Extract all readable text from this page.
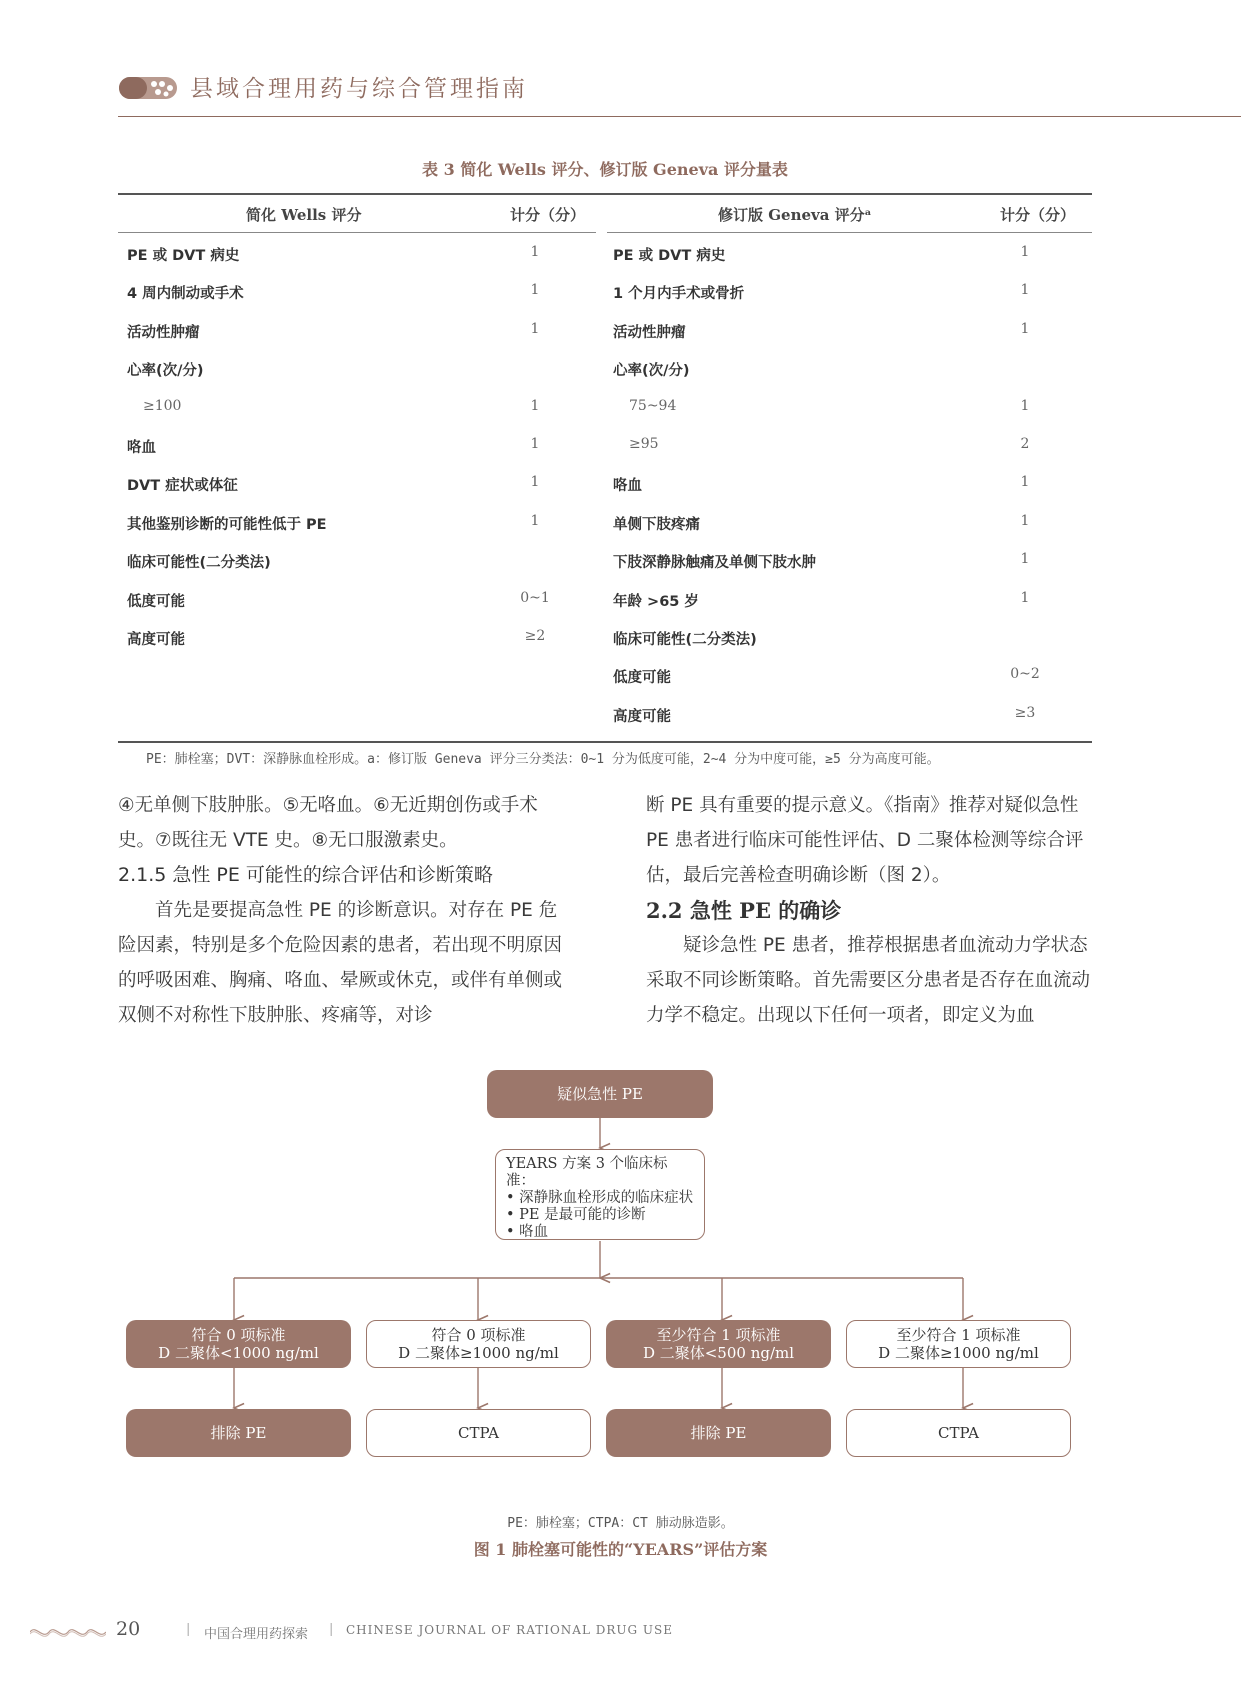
县域合理用药与综合管理指南
表 3 简化 Wells 评分、修订版 Geneva 评分量表
简化 Wells 评分	计分（分）	修订版 Geneva 评分ᵃ	计分（分）
PE 或 DVT 病史	1
4 周内制动或手术	1
活动性肿瘤	1
心率(次/分)
≥100	1
咯血	1
DVT 症状或体征	1
其他鉴别诊断的可能性低于 PE	1
临床可能性(二分类法)
低度可能	0~1
高度可能	≥2
PE 或 DVT 病史	1
1 个月内手术或骨折	1
活动性肿瘤	1
心率(次/分)
75~94	1
≥95	2
咯血	1
单侧下肢疼痛	1
下肢深静脉触痛及单侧下肢水肿	1
年龄 >65 岁	1
临床可能性(二分类法)
低度可能	0~2
高度可能	≥3
PE：肺栓塞；DVT：深静脉血栓形成。a：修订版 Geneva 评分三分类法：0~1 分为低度可能，2~4 分为中度可能，≥5 分为高度可能。

④无单侧下肢肿胀。⑤无咯血。⑥无近期创伤或手术史。⑦既往无 VTE 史。⑧无口服激素史。

2.1.5 急性 PE 可能性的综合评估和诊断策略

首先是要提高急性 PE 的诊断意识。对存在 PE 危险因素，特别是多个危险因素的患者，若出现不明原因的呼吸困难、胸痛、咯血、晕厥或休克，或伴有单侧或双侧不对称性下肢肿胀、疼痛等，对诊

断 PE 具有重要的提示意义。《指南》推荐对疑似急性 PE 患者进行临床可能性评估、D 二聚体检测等综合评估，最后完善检查明确诊断（图 2）。

2.2 急性 PE 的确诊

疑诊急性 PE 患者，推荐根据患者血流动力学状态采取不同诊断策略。首先需要区分患者是否存在血流动力学不稳定。出现以下任何一项者，即定义为血

疑似急性 PE
YEARS 方案 3 个临床标准：
• 深静脉血栓形成的临床症状
• PE 是最可能的诊断
• 咯血
符合 0 项标准
D 二聚体<1000 ng/ml
符合 0 项标准
D 二聚体≥1000 ng/ml
至少符合 1 项标准
D 二聚体<500 ng/ml
至少符合 1 项标准
D 二聚体≥1000 ng/ml
排除 PE	CTPA	排除 PE	CTPA
PE：肺栓塞；CTPA：CT 肺动脉造影。
图 1 肺栓塞可能性的“YEARS”评估方案
20	| 中国合理用药探索 | CHINESE JOURNAL OF RATIONAL DRUG USE
